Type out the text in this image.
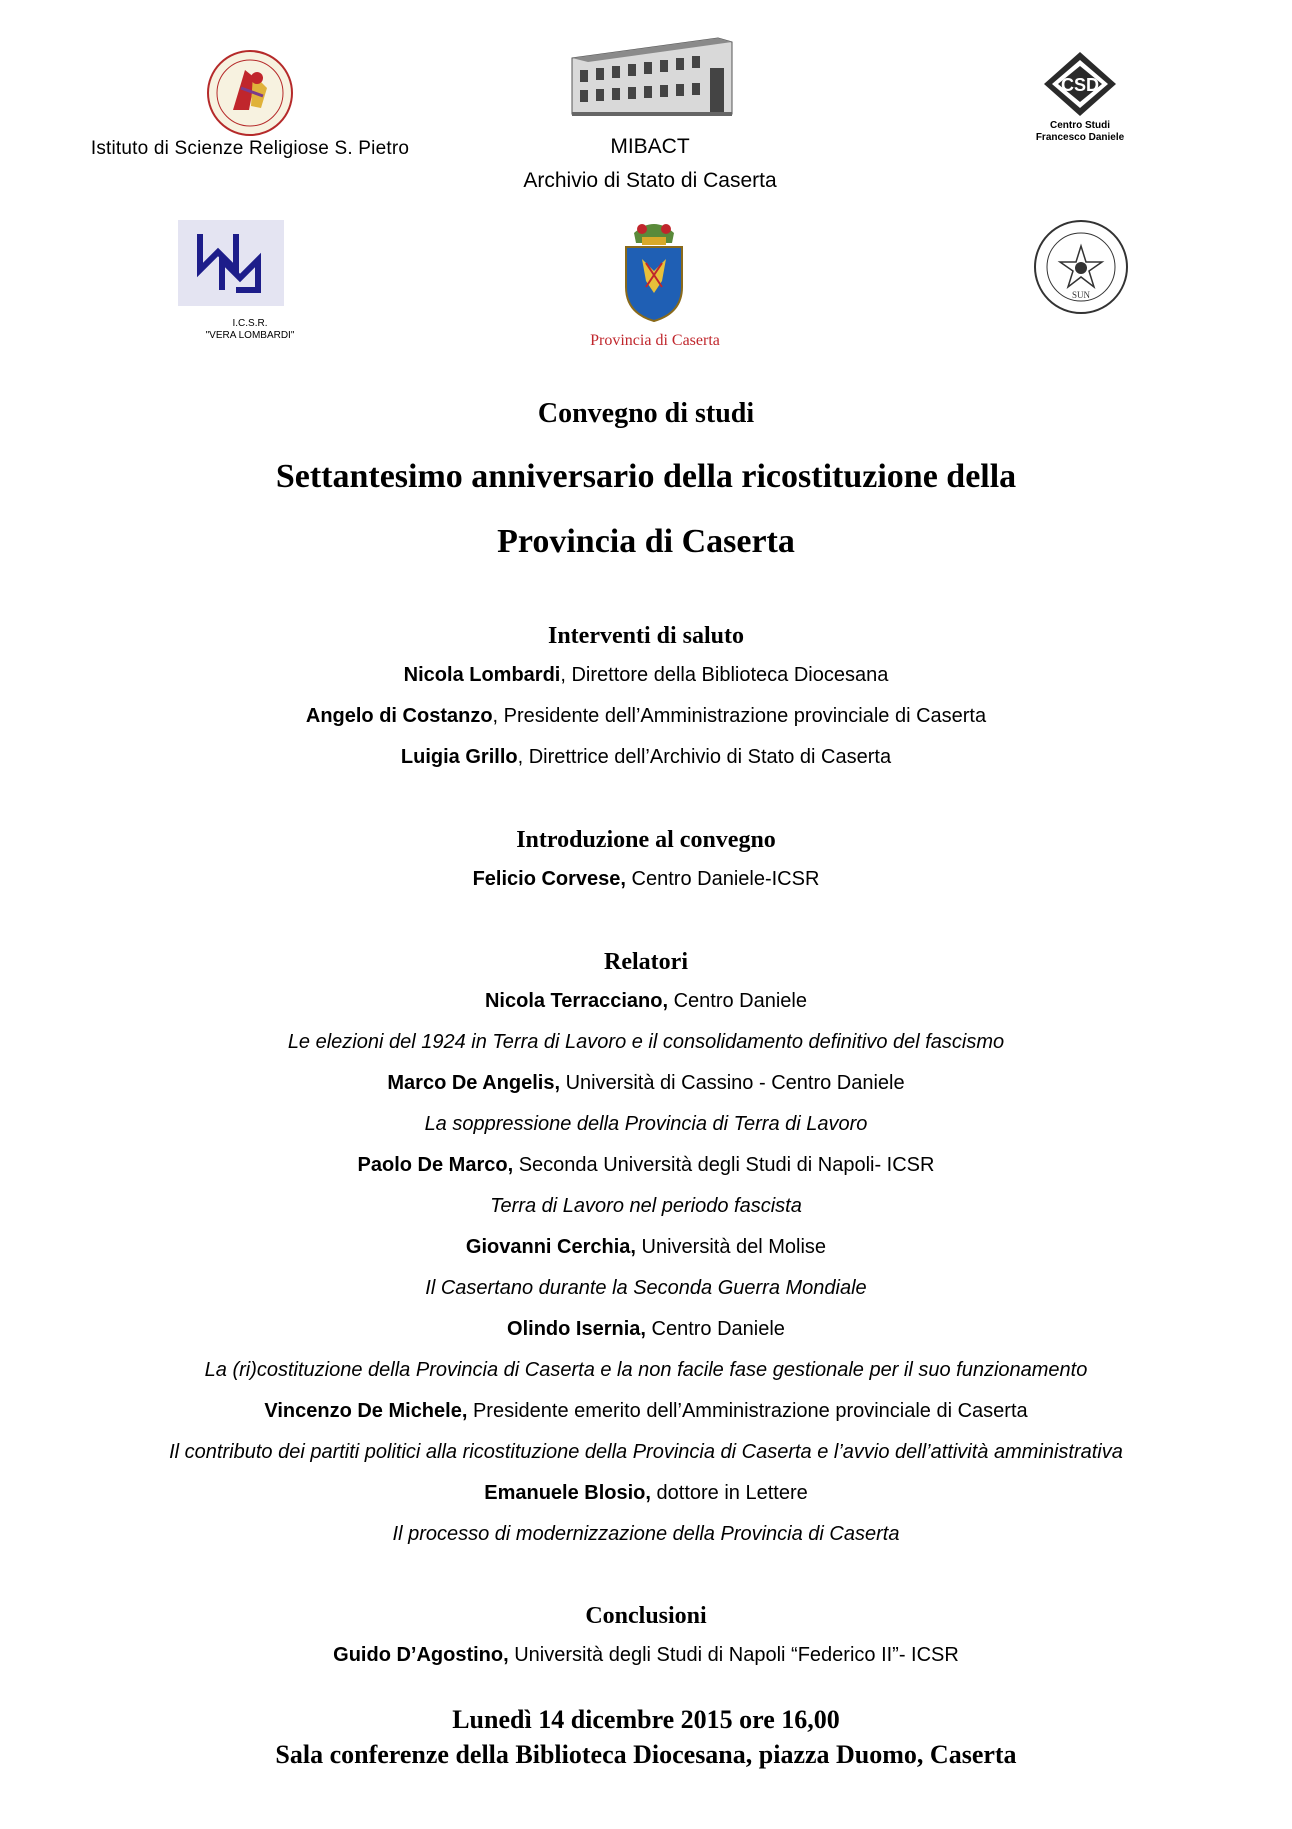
Istituto di Scienze Religiose S. Pietro	MIBACT
Archivio di Stato di Caserta
CSD
Centro Studi
Francesco Daniele
I.C.S.R.
"VERA LOMBARDI"	Provincia di Caserta
SUN
Convegno di studi
Settantesimo anniversario della ricostituzione della
Provincia di Caserta
Interventi di saluto
Nicola Lombardi, Direttore della Biblioteca Diocesana
Angelo di Costanzo, Presidente dell’Amministrazione provinciale di Caserta
Luigia Grillo, Direttrice dell’Archivio di Stato di Caserta
Introduzione al convegno
Felicio Corvese, Centro Daniele-ICSR
Relatori
Nicola Terracciano, Centro Daniele
Le elezioni del 1924 in Terra di Lavoro e il consolidamento definitivo del fascismo
Marco De Angelis, Università di Cassino - Centro Daniele
La soppressione della Provincia di Terra di Lavoro
Paolo De Marco, Seconda Università degli Studi di Napoli- ICSR
Terra di Lavoro nel periodo fascista
Giovanni Cerchia, Università del Molise
Il Casertano durante la Seconda Guerra Mondiale
Olindo Isernia, Centro Daniele
La (ri)costituzione della Provincia di Caserta e la non facile fase gestionale per il suo funzionamento
Vincenzo De Michele, Presidente emerito dell’Amministrazione provinciale di Caserta
Il contributo dei partiti politici alla ricostituzione della Provincia di Caserta e l’avvio dell’attività amministrativa
Emanuele Blosio, dottore in Lettere
Il processo di modernizzazione della Provincia di Caserta
Conclusioni
Guido D’Agostino, Università degli Studi di Napoli “Federico II”- ICSR
Lunedì 14 dicembre 2015 ore 16,00
Sala conferenze della Biblioteca Diocesana, piazza Duomo, Caserta
